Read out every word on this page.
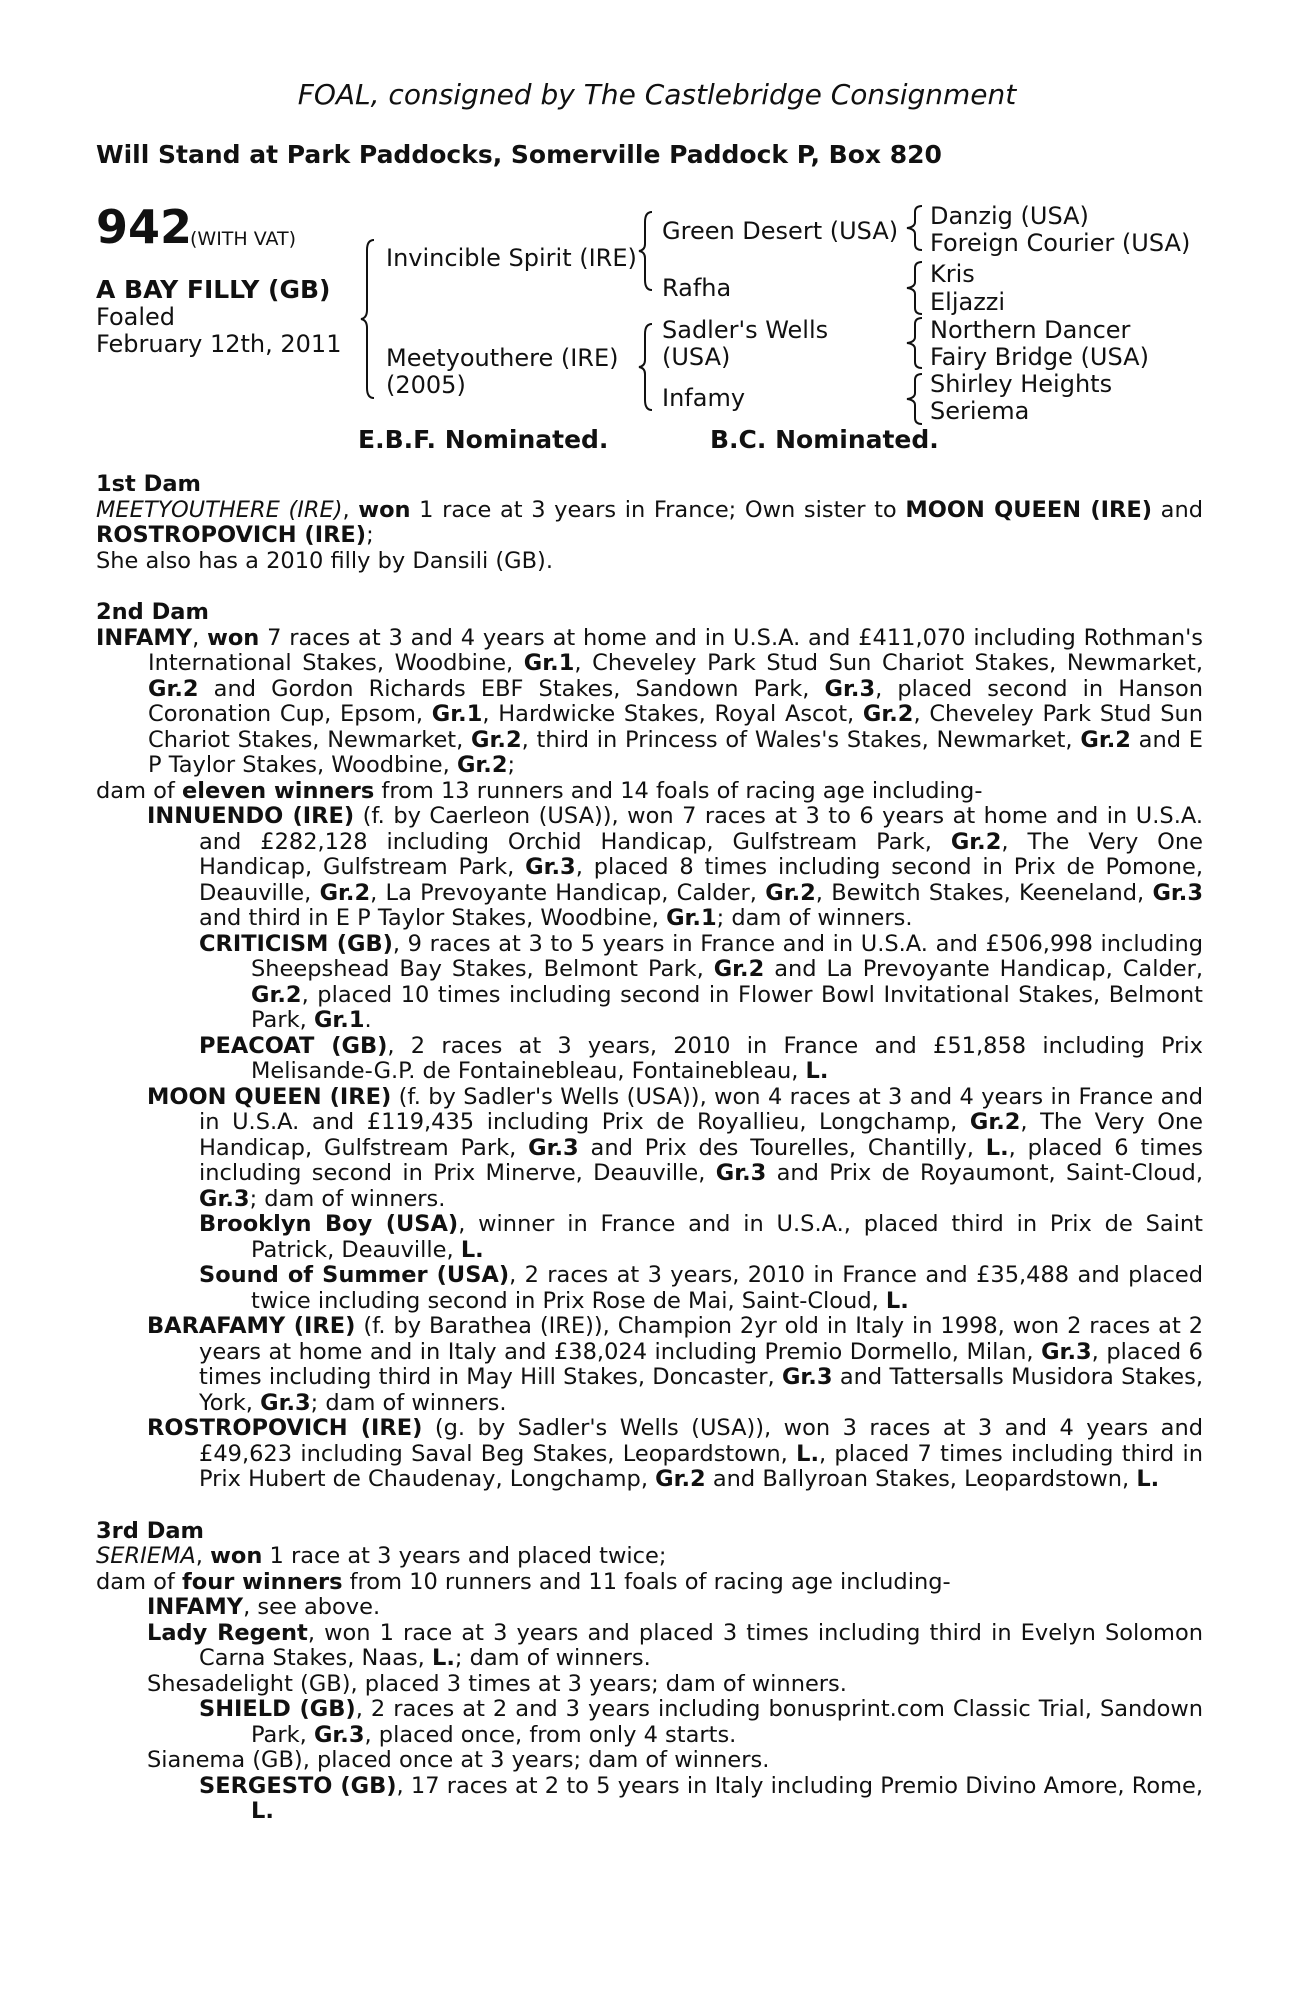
FOAL, consigned by The Castlebridge Consignment
Will Stand at Park Paddocks, Somerville Paddock P, Box 820
942
(WITH VAT)
A BAY FILLY (GB)
Foaled
February 12th, 2011
Invincible Spirit (IRE)
Meetyouthere (IRE)
(2005)
Green Desert (USA)
Rafha
Sadler's Wells
(USA)
Infamy
Danzig (USA)
Foreign Courier (USA)
Kris
Eljazzi
Northern Dancer
Fairy Bridge (USA)
Shirley Heights
Seriema
E.B.F. Nominated.	B.C. Nominated.

1st Dam

MEETYOUTHERE (IRE), won 1 race at 3 years in France; Own sister to MOON QUEEN (IRE) and ROSTROPOVICH (IRE);

She also has a 2010 filly by Dansili (GB).

2nd Dam

INFAMY, won 7 races at 3 and 4 years at home and in U.S.A. and £411,070 including Rothman's International Stakes, Woodbine, Gr.1, Cheveley Park Stud Sun Chariot Stakes, Newmarket, Gr.2 and Gordon Richards EBF Stakes, Sandown Park, Gr.3, placed second in Hanson Coronation Cup, Epsom, Gr.1, Hardwicke Stakes, Royal Ascot, Gr.2, Cheveley Park Stud Sun Chariot Stakes, Newmarket, Gr.2, third in Princess of Wales's Stakes, Newmarket, Gr.2 and E P Taylor Stakes, Woodbine, Gr.2;

dam of eleven winners from 13 runners and 14 foals of racing age including-

INNUENDO (IRE) (f. by Caerleon (USA)), won 7 races at 3 to 6 years at home and in U.S.A. and £282,128 including Orchid Handicap, Gulfstream Park, Gr.2, The Very One Handicap, Gulfstream Park, Gr.3, placed 8 times including second in Prix de Pomone, Deauville, Gr.2, La Prevoyante Handicap, Calder, Gr.2, Bewitch Stakes, Keeneland, Gr.3 and third in E P Taylor Stakes, Woodbine, Gr.1; dam of winners.

CRITICISM (GB), 9 races at 3 to 5 years in France and in U.S.A. and £506,998 including Sheepshead Bay Stakes, Belmont Park, Gr.2 and La Prevoyante Handicap, Calder, Gr.2, placed 10 times including second in Flower Bowl Invitational Stakes, Belmont Park, Gr.1.

PEACOAT (GB), 2 races at 3 years, 2010 in France and £51,858 including Prix Melisande-G.P. de Fontainebleau, Fontainebleau, L.

MOON QUEEN (IRE) (f. by Sadler's Wells (USA)), won 4 races at 3 and 4 years in France and in U.S.A. and £119,435 including Prix de Royallieu, Longchamp, Gr.2, The Very One Handicap, Gulfstream Park, Gr.3 and Prix des Tourelles, Chantilly, L., placed 6 times including second in Prix Minerve, Deauville, Gr.3 and Prix de Royaumont, Saint-Cloud, Gr.3; dam of winners.

Brooklyn Boy (USA), winner in France and in U.S.A., placed third in Prix de Saint Patrick, Deauville, L.

Sound of Summer (USA), 2 races at 3 years, 2010 in France and £35,488 and placed twice including second in Prix Rose de Mai, Saint-Cloud, L.

BARAFAMY (IRE) (f. by Barathea (IRE)), Champion 2yr old in Italy in 1998, won 2 races at 2 years at home and in Italy and £38,024 including Premio Dormello, Milan, Gr.3, placed 6 times including third in May Hill Stakes, Doncaster, Gr.3 and Tattersalls Musidora Stakes, York, Gr.3; dam of winners.

ROSTROPOVICH (IRE) (g. by Sadler's Wells (USA)), won 3 races at 3 and 4 years and £49,623 including Saval Beg Stakes, Leopardstown, L., placed 7 times including third in Prix Hubert de Chaudenay, Longchamp, Gr.2 and Ballyroan Stakes, Leopardstown, L.

3rd Dam

SERIEMA, won 1 race at 3 years and placed twice;

dam of four winners from 10 runners and 11 foals of racing age including-

INFAMY, see above.

Lady Regent, won 1 race at 3 years and placed 3 times including third in Evelyn Solomon Carna Stakes, Naas, L.; dam of winners.

Shesadelight (GB), placed 3 times at 3 years; dam of winners.

SHIELD (GB), 2 races at 2 and 3 years including bonusprint.com Classic Trial, Sandown Park, Gr.3, placed once, from only 4 starts.

Sianema (GB), placed once at 3 years; dam of winners.

SERGESTO (GB), 17 races at 2 to 5 years in Italy including Premio Divino Amore, Rome, L.
